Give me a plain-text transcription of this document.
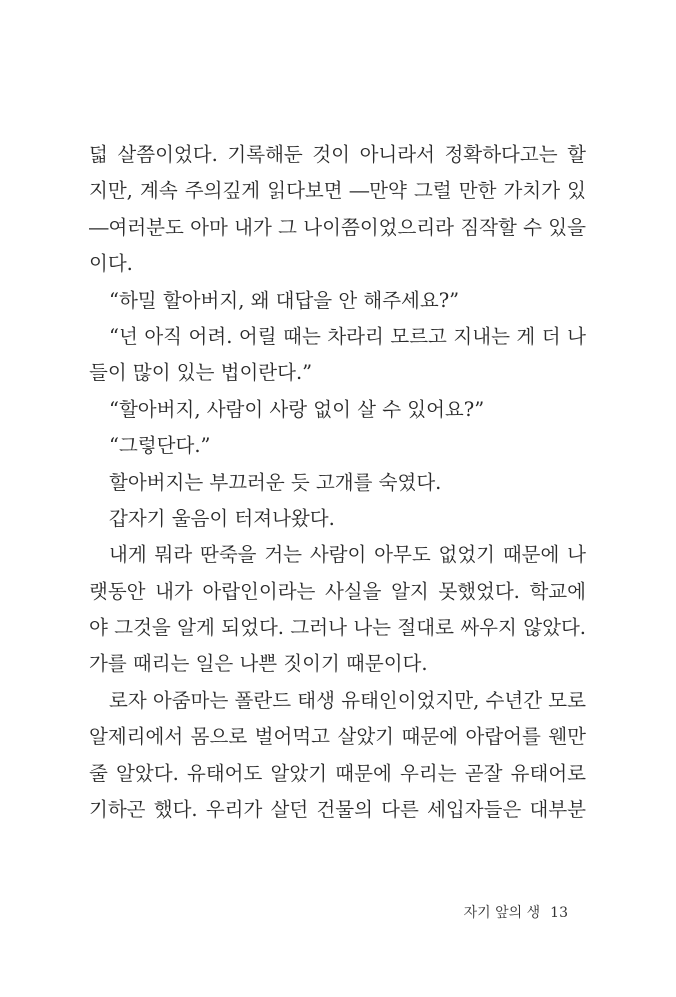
덟 살쯤이었다. 기록해둔 것이 아니라서 정확하다고는 할
지만, 계속 주의깊게 읽다보면 ―만약 그럴 만한 가치가 있
―여러분도 아마 내가 그 나이쯤이었으리라 짐작할 수 있을
이다.
“하밀 할아버지, 왜 대답을 안 해주세요?”
“넌 아직 어려. 어릴 때는 차라리 모르고 지내는 게 더 나
들이 많이 있는 법이란다.”
“할아버지, 사람이 사랑 없이 살 수 있어요?”
“그렇단다.”
할아버지는 부끄러운 듯 고개를 숙였다.
갑자기 울음이 터져나왔다.
내게 뭐라 딴죽을 거는 사람이 아무도 없었기 때문에 나
랫동안 내가 아랍인이라는 사실을 알지 못했었다. 학교에
야 그것을 알게 되었다. 그러나 나는 절대로 싸우지 않았다.
가를 때리는 일은 나쁜 짓이기 때문이다.
로자 아줌마는 폴란드 태생 유태인이었지만, 수년간 모로
알제리에서 몸으로 벌어먹고 살았기 때문에 아랍어를 웬만
줄 알았다. 유태어도 알았기 때문에 우리는 곧잘 유태어로
기하곤 했다. 우리가 살던 건물의 다른 세입자들은 대부분
자기 앞의 생 13
